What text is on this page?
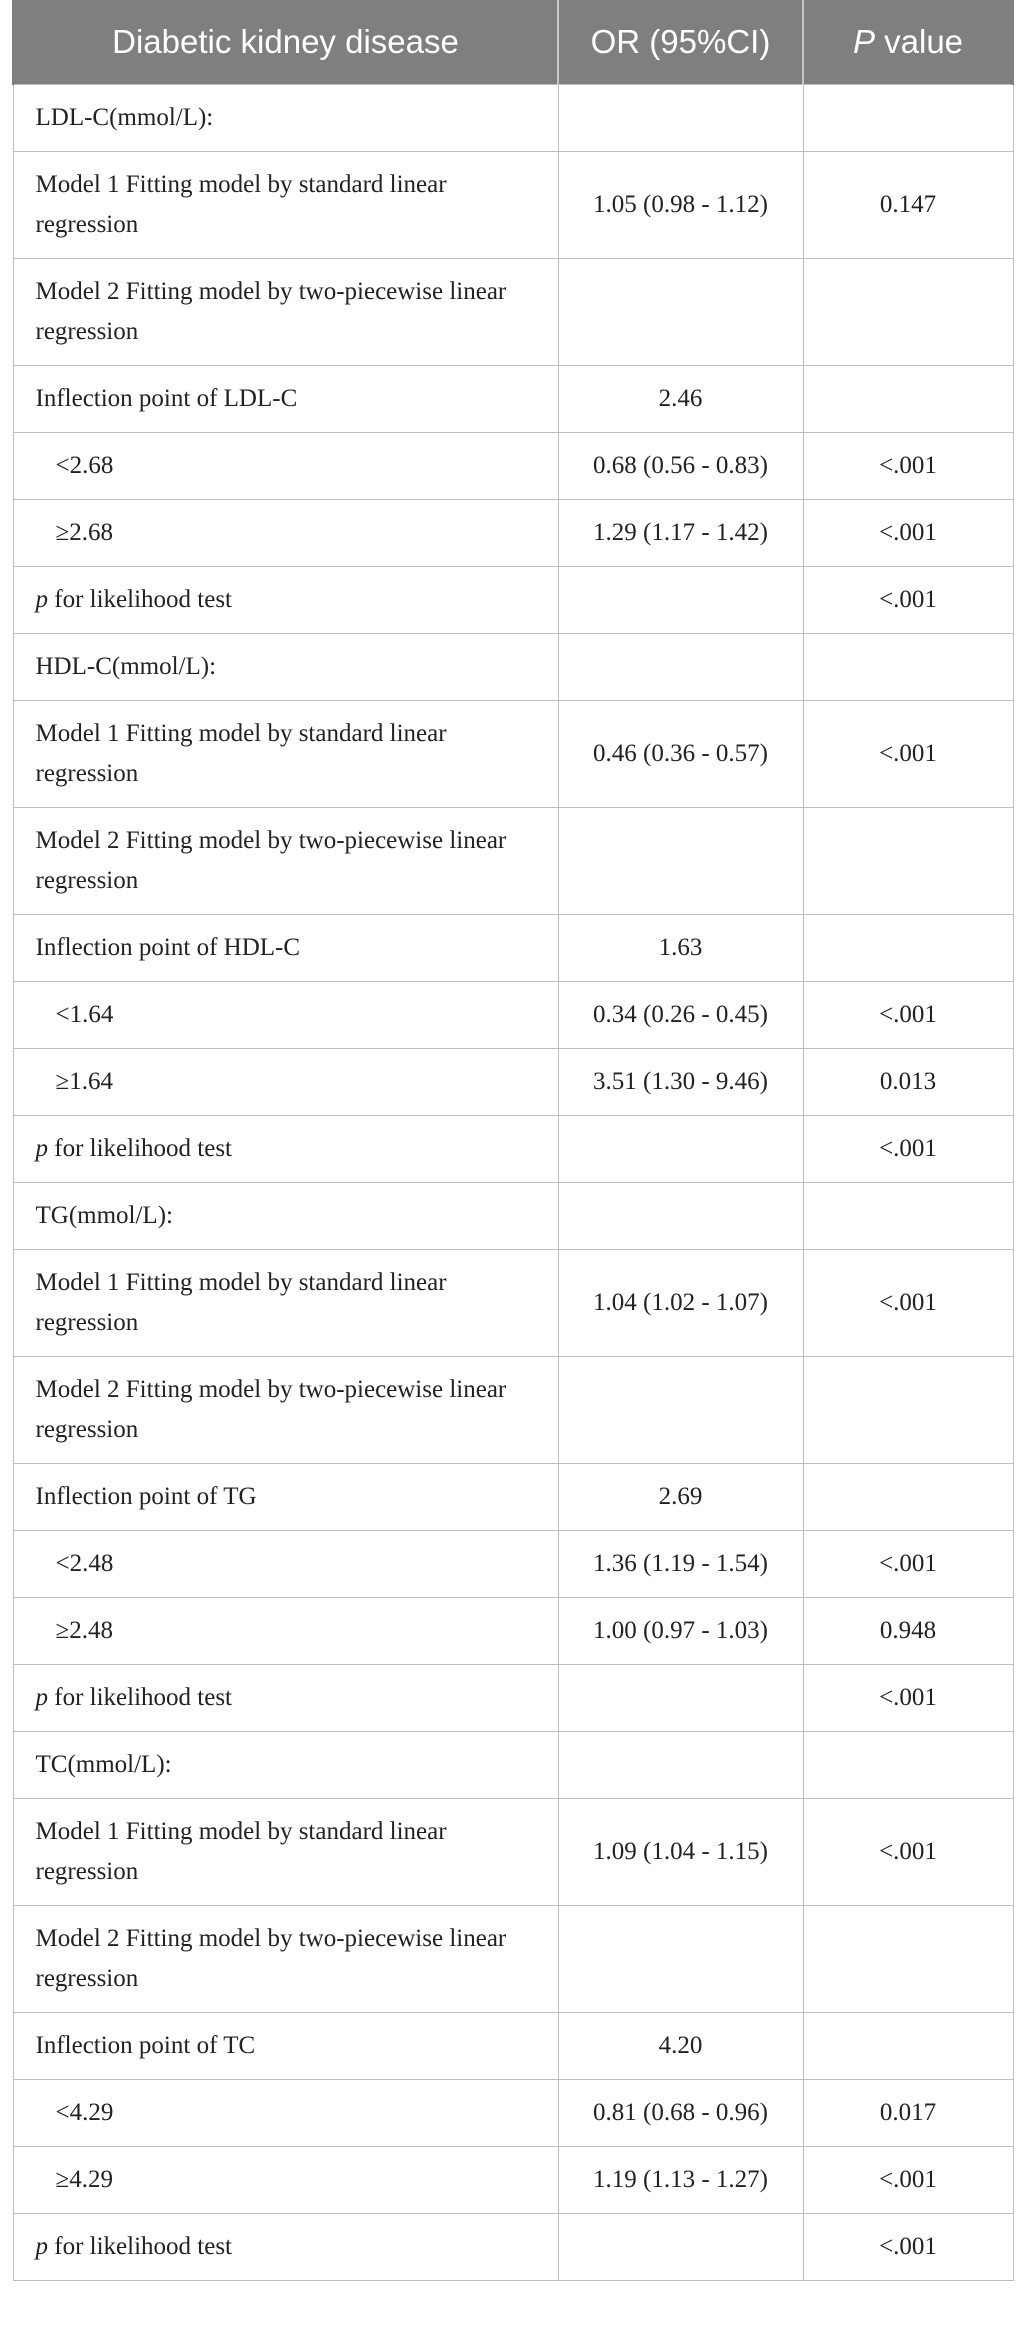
Diabetic kidney disease	OR (95%CI)	P value
LDL-C(mmol/L):		
Model 1 Fitting model by standard linear regression	1.05 (0.98 - 1.12)	0.147
Model 2 Fitting model by two-piecewise linear regression		
Inflection point of LDL-C	2.46	
<2.68	0.68 (0.56 - 0.83)	<.001
≥2.68	1.29 (1.17 - 1.42)	<.001
p for likelihood test		<.001
HDL-C(mmol/L):		
Model 1 Fitting model by standard linear regression	0.46 (0.36 - 0.57)	<.001
Model 2 Fitting model by two-piecewise linear regression		
Inflection point of HDL-C	1.63	
<1.64	0.34 (0.26 - 0.45)	<.001
≥1.64	3.51 (1.30 - 9.46)	0.013
p for likelihood test		<.001
TG(mmol/L):		
Model 1 Fitting model by standard linear regression	1.04 (1.02 - 1.07)	<.001
Model 2 Fitting model by two-piecewise linear regression		
Inflection point of TG	2.69	
<2.48	1.36 (1.19 - 1.54)	<.001
≥2.48	1.00 (0.97 - 1.03)	0.948
p for likelihood test		<.001
TC(mmol/L):		
Model 1 Fitting model by standard linear regression	1.09 (1.04 - 1.15)	<.001
Model 2 Fitting model by two-piecewise linear regression		
Inflection point of TC	4.20	
<4.29	0.81 (0.68 - 0.96)	0.017
≥4.29	1.19 (1.13 - 1.27)	<.001
p for likelihood test		<.001
